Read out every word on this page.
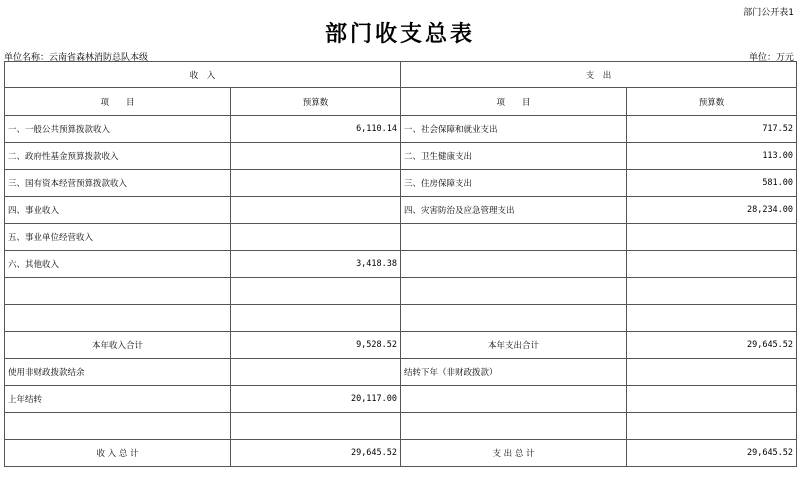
部门公开表1
部门收支总表
单位名称：云南省森林消防总队本级	单位：万元
收　入		支　出	
项　　目	预算数	项　　目	预算数
一、一般公共预算拨款收入	6,110.14	一、社会保障和就业支出	717.52
二、政府性基金预算拨款收入		二、卫生健康支出	113.00
三、国有资本经营预算拨款收入		三、住房保障支出	581.00
四、事业收入		四、灾害防治及应急管理支出	28,234.00
五、事业单位经营收入			
六、其他收入	3,418.38		

本年收入合计	9,528.52	本年支出合计	29,645.52
使用非财政拨款结余		结转下年（非财政拨款）	
上年结转	20,117.00		

收 入 总 计	29,645.52	支 出 总 计	29,645.52
